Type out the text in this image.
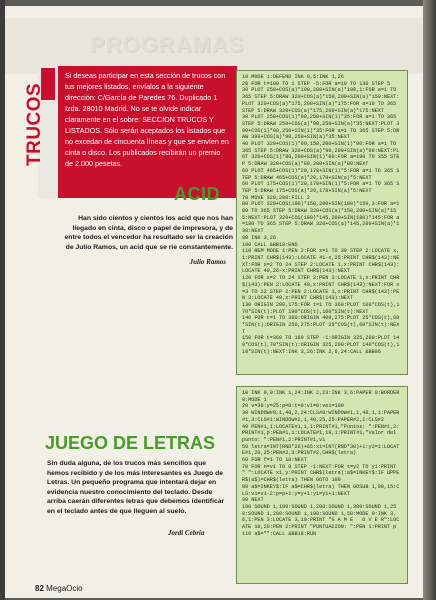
PROGRAMAS
TRUCOS
Si deseas participar en esta sección de trucos con tus mejores listados, envíalos a la siguiente dirección: C/García de Paredes 76. Duplicado 1 Izda. 28010 Madrid. No se te olvide indicar claramente en el sobre: SECCION TRUCOS Y LISTADOS. Sólo serán aceptados los listados que no excedan de cincuenta líneas y que se envíen en cinta o disco. Los publicados recibirán un premio de 2.000 pesetas.
10 MODE 1:DEFEND INK 0,5:INK 1,26
20 FOR t=100 TO 1 STEP -5:FOR a=10 TO 130 STEP 5
30 PLOT 250+COS(a)*100,200+SIN(a)*100,1:FOR a=1 TO 365 STEP 5:DRAW 320+COS(a)*150,200+SIN(a)*150:NEXT:PLOT 320+COS(a)*175,200+SIN(a)*175:FOR a=10 TO 365 STEP 5:DRAW 320+COS(a)*175,200+SIN(a)*175:NEXT
30 PLOT 250+COS(1)*90,250+SIN(1)*35:FOR a=1 TO 365 STEP 5:DRAW 250+COS(a)*90,250+SIN(a)*35:NEXT:PLOT 390+COS(1)*90,250+SIN(1)*35:FOR a=1 TO 365 STEP 5:DRAW 390+COS(a)*90,250+SIN(a)*35:NEXT
40 PLOT 320+COS(1)*90,150,200+SIN(1)*90:FOR a=1 TO 365 STEP 5:DRAW 320+COS(a)*90,200+SIN(a)*90:NEXT:PLOT 320+COS(1)*80,200+SIN(1)*80:FOR a=190 TO 355 STEP 5:DRAW 320+COS(a)*80,200+SIN(a)*80:NEXT
60 PLOT 465+COS(1)*20,178+SIN(1)*5:FOR a=1 TO 365 STEP 5:DRAW 465+COS(a)*20,178+SIN(a)*5:NEXT
60 PLOT 175+COS(1)*20,178+SIN(1)*5:FOR a=1 TO 365 STEP 5:DRAW 175+COS(a)*20,178+SIN(a)*5:NEXT
70 MOVE 320,200:FILL 2
80 PLOT 320+COS(180)*150,200+SIN(180)*150,3:FOR a=180 TO 365 STEP 5:DRAW 320+COS(a)*150,200+SIN(a)*155:NEXT:PLOT 320+COS(180)*145,200+SIN(180)*145:FOR a=180 TO 365 STEP 5:DRAW 320+COS(a)*145,200+SIN(a)*130:NEXT
90 INK 3,26
100 CALL &BB18:END
110 REM MODE 1:PEN 2:FOR x=1 TO 39 STEP 2:LOCATE x,1:PRINT CHR$(143):LOCATE 41-x,25:PRINT CHR$(143):NEXT:FOR x=2 TO 24 STEP 2:LOCATE 1,x:PRINT CHR$(143):LOCATE 40,26-x:PRINT CHR$(143):NEXT
120 FOR x=2 TO 24 STEP 2:PEN 3:LOCATE 1,x:PRINT CHR$(143):PEN 2:LOCATE 40,x:PRINT CHR$(143):NEXT:FOR x=3 TO 22 STEP 2:PEN 2:LOCATE 1,x:PRINT CHR$(143):PEN 3:LOCATE 40,x:PRINT CHR$(143):NEXT
130 ORIGIN 200,175:FOR t=1 TO 360:PLOT 100*COS(t),170*SIN(t):PLOT 190*COS(t),160*SIN(t):NEXT
140 FOR t=1 TO 360:ORIGIN 400,275:PLOT 25*COS(t),60*SIN(t):ORIGIN 250,275:PLOT 25*COS(t),60*SIN(t):NEXT
150 FOR t=360 TO 180 STEP -1:ORIGIN 325,200:PLOT 140*COS(t),70*SIN(t):ORIGIN 325,200:PLOT 140*COS(t),110*SIN(t):NEXT:INK 3,26:INK 2,6,24:CALL &BB06
ACID
Han sido cientos y cientos los acid que nos han llegado en cinta, disco o papel de impresora, y de entre todos el vencedor ha resultado ser la creación de Julio Ramos, un acid que se ríe constantemente.
Julio Ramos
10 INK 0,0:INK 1,24:INK 2,23:INK 3,6:PAPER 0:BORDER 0:MODE 1
20 v=30:y=25:p=0:t=0:v1=0:ve1=100
30 WINDOW#0,1,40,2,24:CLS#0:WINDOW#1,1,40,1,1:PAPER#1,3:CLS#1:WINDOW#2,1,40,25,25:PAPER#2,2:CLS#2
40 PEN#1,1:LOCATE#1,1,1:PRINT#1,"Puntos: ":PEN#1,2:PRINT#1,p:PEN#1,1:LOCATE#1,19,1:PRINT#1,"Valor del punto: ":PEN#1,2:PRINT#1,v1
50 letra=INT(RND*26)+65:x1=INT(RND*30)+1:y2=1:LOCATE#1,20,25:PEN#2,3:PRINT#2,CHR$(letra)
60 FOR f=1 TO 10:NEXT
70 FOR n=v1 TO 0 STEP -1:NEXT:FOR t=y2 TO y1:PRINT " ":LOCATE x1,y:PRINT CHR$(letra):a$=INKEY$:IF UPPER$(a$)=CHR$(letra) THEN GOTO 100
80 a$=INKEY$:IF a$=CHR$(letra) THEN GOSUB 1,00,15:CLS:v1=v1-2:p=p+1:y=y+1:y1=y1+1:NEXT
90 NEXT
100 SOUND 1,100:SOUND 1,200:SOUND 1,300:SOUND 1,250:SOUND 1,200:SOUND 1,100:SOUND 1,50:MODE 0:INK 3,6,1:PEN 3:LOCATE 3,10:PRINT "G A M E   O V E R":LOCATE 10,20:PEN 2:PRINT "PUNTUACION: ":PEN 1:PRINT p
110 a$="":CALL &BB18:RUN
JUEGO DE LETRAS
Sin duda alguna, de los trucos más sencillos que hemos recibido y de los más interesantes es Juego de Letras. Un pequeño programa que intentará dejar en evidencia nuestro conocimiento del teclado. Desde arriba caerán diferentes letras que debemos identificar en el teclado antes de que lleguen al suelo.
Jordi Cebria
82 MegaOcio
